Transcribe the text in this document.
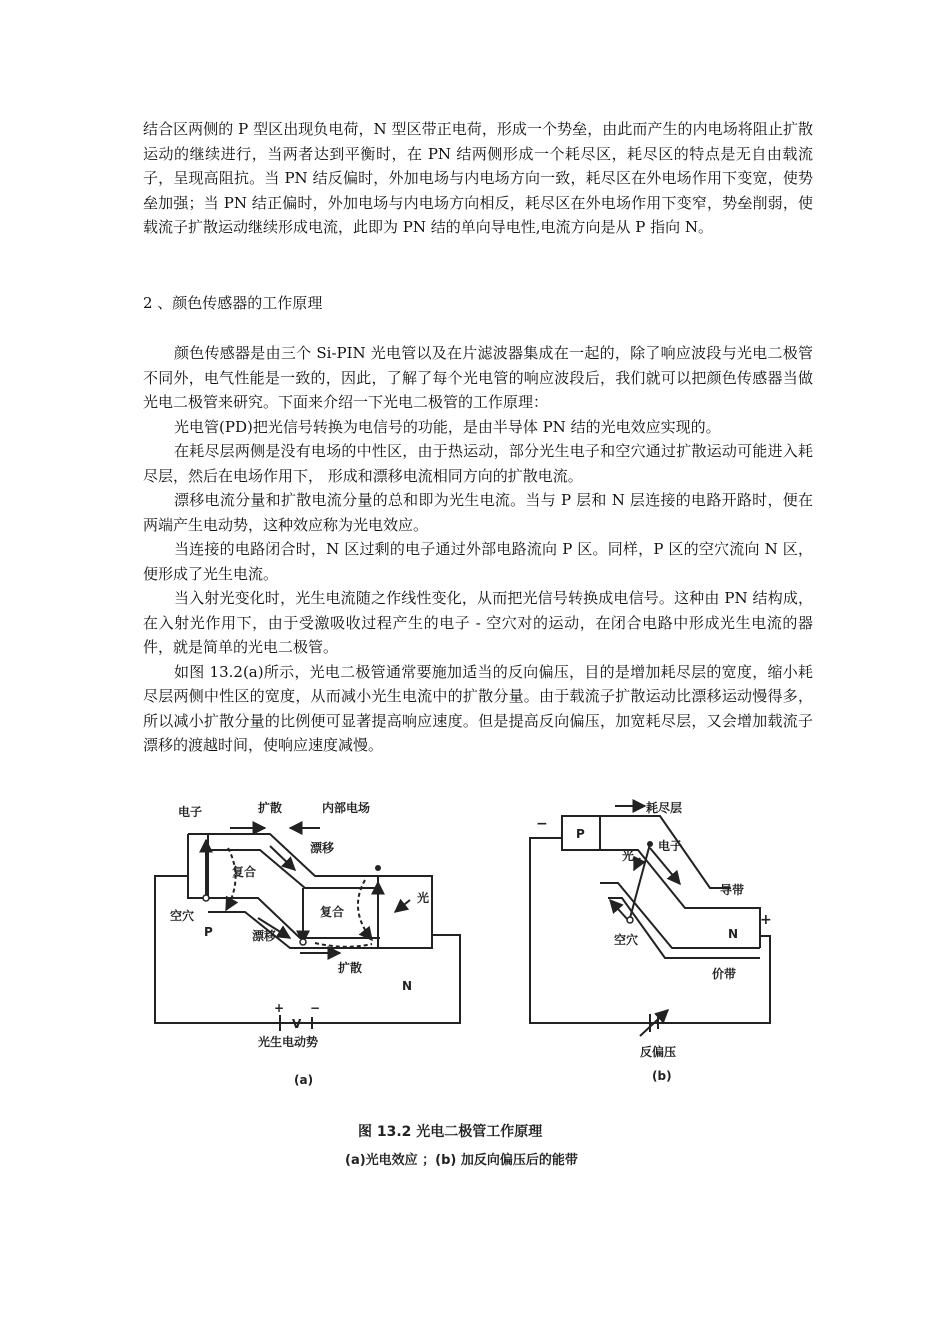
结合区两侧的 P 型区出现负电荷，N 型区带正电荷，形成一个势垒，由此而产生的内电场将阻止扩散运动的继续进行，当两者达到平衡时，在 PN 结两侧形成一个耗尽区，耗尽区的特点是无自由载流子，呈现高阻抗。当 PN 结反偏时，外加电场与内电场方向一致，耗尽区在外电场作用下变宽，使势垒加强；当 PN 结正偏时，外加电场与内电场方向相反，耗尽区在外电场作用下变窄，势垒削弱，使载流子扩散运动继续形成电流，此即为 PN 结的单向导电性,电流方向是从 P 指向 N。

2 、颜色传感器的工作原理
颜色传感器是由三个 Si-PIN 光电管以及在片滤波器集成在一起的，除了响应波段与光电二极管不同外，电气性能是一致的，因此，了解了每个光电管的响应波段后，我们就可以把颜色传感器当做光电二极管来研究。下面来介绍一下光电二极管的工作原理：
光电管(PD)把光信号转换为电信号的功能，是由半导体 PN 结的光电效应实现的。
在耗尽层两侧是没有电场的中性区，由于热运动，部分光生电子和空穴通过扩散运动可能进入耗尽层，然后在电场作用下， 形成和漂移电流相同方向的扩散电流。
漂移电流分量和扩散电流分量的总和即为光生电流。当与 P 层和 N 层连接的电路开路时，便在两端产生电动势，这种效应称为光电效应。
当连接的电路闭合时，N 区过剩的电子通过外部电路流向 P 区。同样，P 区的空穴流向 N 区， 便形成了光生电流。
当入射光变化时，光生电流随之作线性变化，从而把光信号转换成电信号。这种由 PN 结构成，在入射光作用下，由于受激吸收过程产生的电子 - 空穴对的运动，在闭合电路中形成光生电流的器件，就是简单的光电二极管。
如图 13.2(a)所示，光电二极管通常要施加适当的反向偏压，目的是增加耗尽层的宽度，缩小耗尽层两侧中性区的宽度，从而减小光生电流中的扩散分量。由于载流子扩散运动比漂移运动慢得多，所以减小扩散分量的比例便可显著提高响应速度。但是提高反向偏压，加宽耗尽层，又会增加载流子漂移的渡越时间，使响应速度减慢。
电子	扩散	内部电场
漂移
复合
复合
空穴
P	漂移
光
扩散
N
+
V
−
光生电动势
(a)
−
耗尽层
P
电子
光
导带
+
空穴	N
价带
反偏压
(b)
图 13.2 光电二极管工作原理
(a)光电效应 ；(b) 加反向偏压后的能带
